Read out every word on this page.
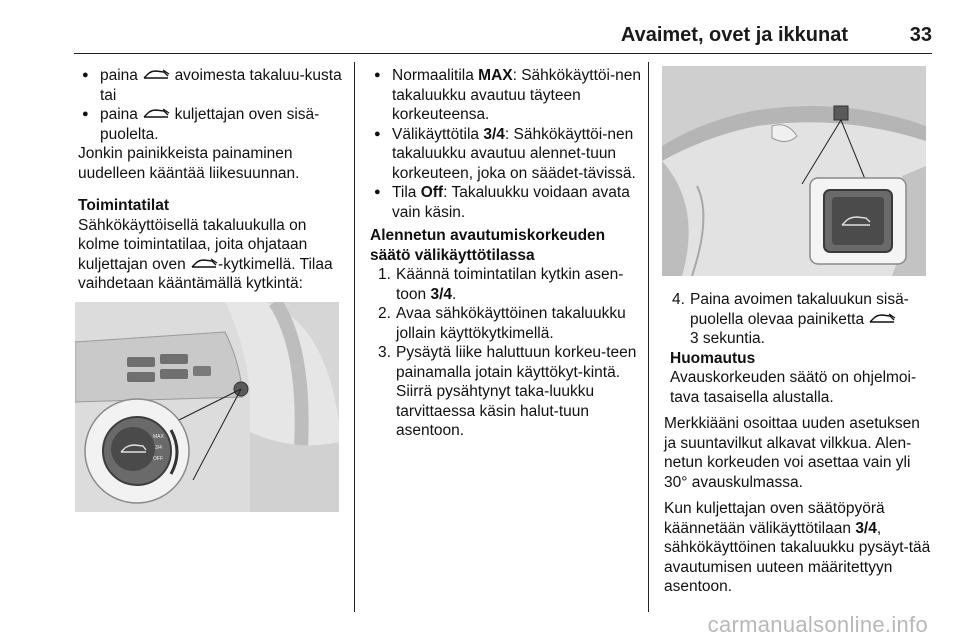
Avaimet, ovet ja ikkunat	33

● paina avoimesta takaluu-kusta tai

● paina kuljettajan oven sisä-puolelta.

Jonkin painikkeista painaminen uudelleen kääntää liikesuunnan.

Toimintatilat

Sähkökäyttöisellä takaluukulla on kolme toimintatilaa, joita ohjataan kuljettajan oven -kytkimellä. Tilaa vaihdetaan kääntämällä kytkintä:

MAX
3/4
OFF

● Normaalitila MAX: Sähkökäyttöi-nen takaluukku avautuu täyteen korkeuteensa.

● Välikäyttötila 3/4: Sähkökäyttöi-nen takaluukku avautuu alennet-tuun korkeuteen, joka on säädet-tävissä.

● Tila Off: Takaluukku voidaan avata vain käsin.

Alennetun avautumiskorkeuden säätö välikäyttötilassa

1. Käännä toimintatilan kytkin asen-toon 3/4.

2. Avaa sähkökäyttöinen takaluukku jollain käyttökytkimellä.

3. Pysäytä liike haluttuun korkeu-teen painamalla jotain käyttökyt-kintä. Siirrä pysähtynyt taka-luukku tarvittaessa käsin halut-tuun asentoon.

4. Paina avoimen takaluukun sisä-puolella olevaa painiketta
3 sekuntia.

Huomautus

Avauskorkeuden säätö on ohjelmoi-tava tasaisella alustalla.

Merkkiääni osoittaa uuden asetuksen ja suuntavilkut alkavat vilkkua. Alen-netun korkeuden voi asettaa vain yli 30° avauskulmassa.

Kun kuljettajan oven säätöpyörä käännetään välikäyttötilaan 3/4, sähkökäyttöinen takaluukku pysäyt-tää avautumisen uuteen määritettyyn asentoon.

carmanualsonline.info
